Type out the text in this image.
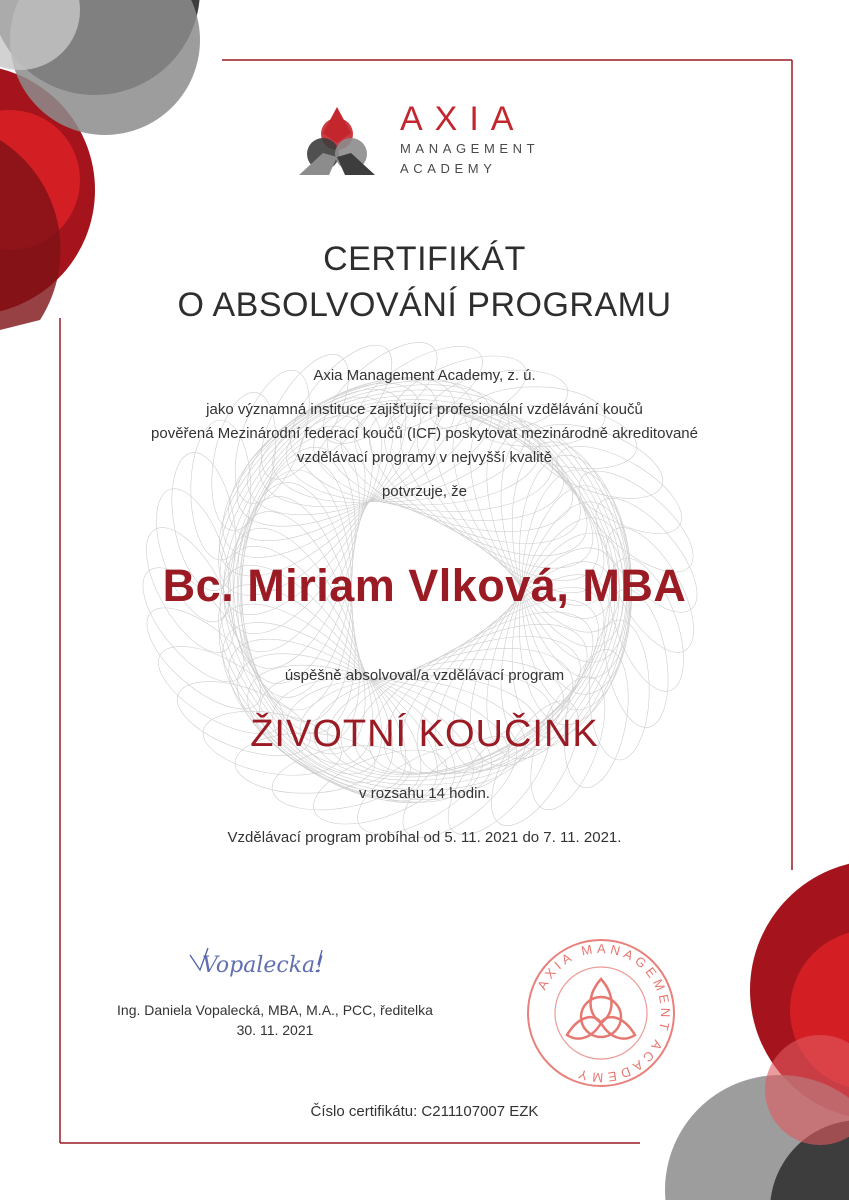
AXIA MANAGEMENT ACADEMY
Vopalecka!
AXIA
MANAGEMENT
ACADEMY
CERTIFIKÁT
O ABSOLVOVÁNÍ PROGRAMU
Axia Management Academy, z. ú.
jako významná instituce zajišťující profesionální vzdělávání koučů
pověřená Mezinárodní federací koučů (ICF) poskytovat mezinárodně akreditované
vzdělávací programy v nejvyšší kvalitě
potvrzuje, že
Bc. Miriam Vlková, MBA
úspěšně absolvoval/a vzdělávací program
ŽIVOTNÍ KOUČINK
v rozsahu 14 hodin.
Vzdělávací program probíhal od 5. 11. 2021 do 7. 11. 2021.
Ing. Daniela Vopalecká, MBA, M.A., PCC, ředitelka
30. 11. 2021
Číslo certifikátu: C211107007 EZK
